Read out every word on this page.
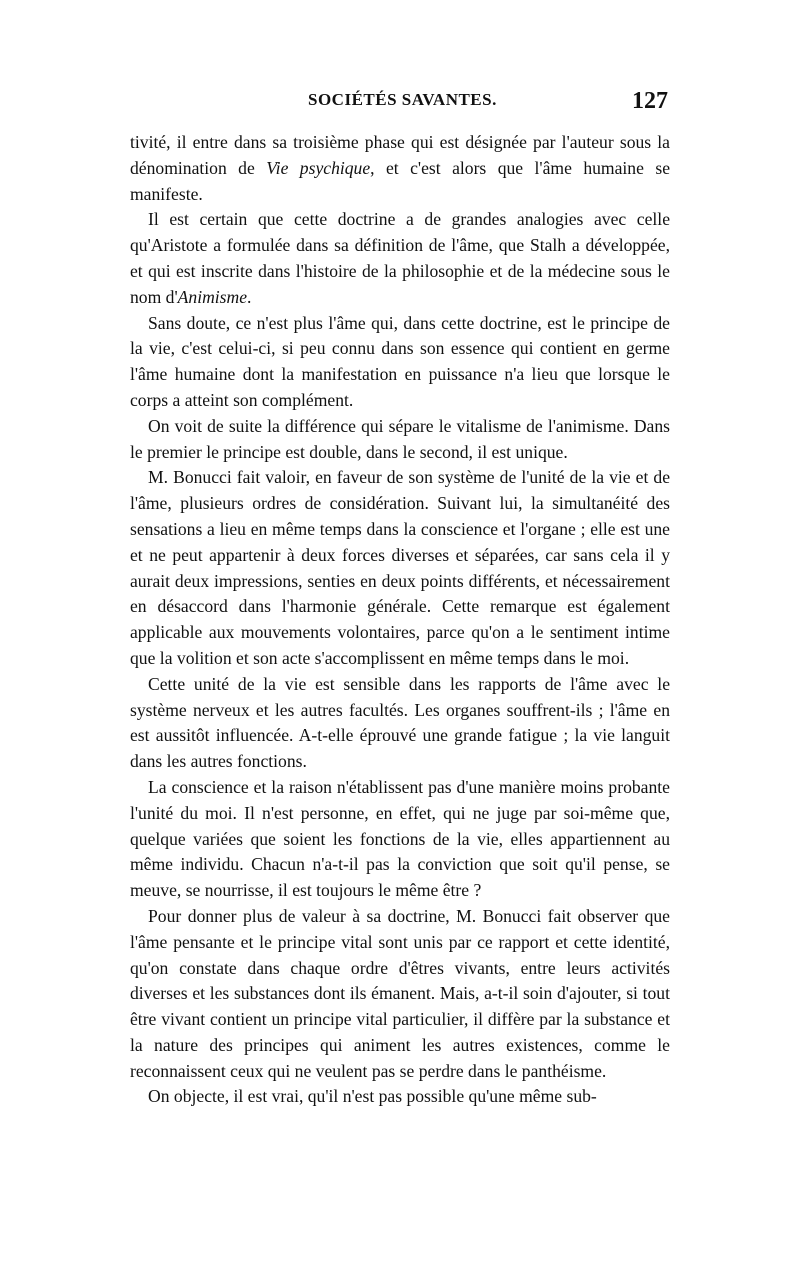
SOCIÉTÉS SAVANTES.	127

tivité, il entre dans sa troisième phase qui est désignée par l'auteur sous la dénomination de Vie psychique, et c'est alors que l'âme humaine se manifeste.

Il est certain que cette doctrine a de grandes analogies avec celle qu'Aristote a formulée dans sa définition de l'âme, que Stalh a développée, et qui est inscrite dans l'histoire de la philosophie et de la médecine sous le nom d'Animisme.

Sans doute, ce n'est plus l'âme qui, dans cette doctrine, est le principe de la vie, c'est celui-ci, si peu connu dans son essence qui contient en germe l'âme humaine dont la manifestation en puissance n'a lieu que lorsque le corps a atteint son complément.

On voit de suite la différence qui sépare le vitalisme de l'animisme. Dans le premier le principe est double, dans le second, il est unique.

M. Bonucci fait valoir, en faveur de son système de l'unité de la vie et de l'âme, plusieurs ordres de considération. Suivant lui, la simultanéité des sensations a lieu en même temps dans la conscience et l'organe ; elle est une et ne peut appartenir à deux forces diverses et séparées, car sans cela il y aurait deux impressions, senties en deux points différents, et nécessairement en désaccord dans l'harmonie générale. Cette remarque est également applicable aux mouvements volontaires, parce qu'on a le sentiment intime que la volition et son acte s'accomplissent en même temps dans le moi.

Cette unité de la vie est sensible dans les rapports de l'âme avec le système nerveux et les autres facultés. Les organes souffrent-ils ; l'âme en est aussitôt influencée. A-t-elle éprouvé une grande fatigue ; la vie languit dans les autres fonctions.

La conscience et la raison n'établissent pas d'une manière moins probante l'unité du moi. Il n'est personne, en effet, qui ne juge par soi-même que, quelque variées que soient les fonctions de la vie, elles appartiennent au même individu. Chacun n'a-t-il pas la conviction que soit qu'il pense, se meuve, se nourrisse, il est toujours le même être ?

Pour donner plus de valeur à sa doctrine, M. Bonucci fait observer que l'âme pensante et le principe vital sont unis par ce rapport et cette identité, qu'on constate dans chaque ordre d'êtres vivants, entre leurs activités diverses et les substances dont ils émanent. Mais, a-t-il soin d'ajouter, si tout être vivant contient un principe vital particulier, il diffère par la substance et la nature des principes qui animent les autres existences, comme le reconnaissent ceux qui ne veulent pas se perdre dans le panthéisme.

On objecte, il est vrai, qu'il n'est pas possible qu'une même sub-
